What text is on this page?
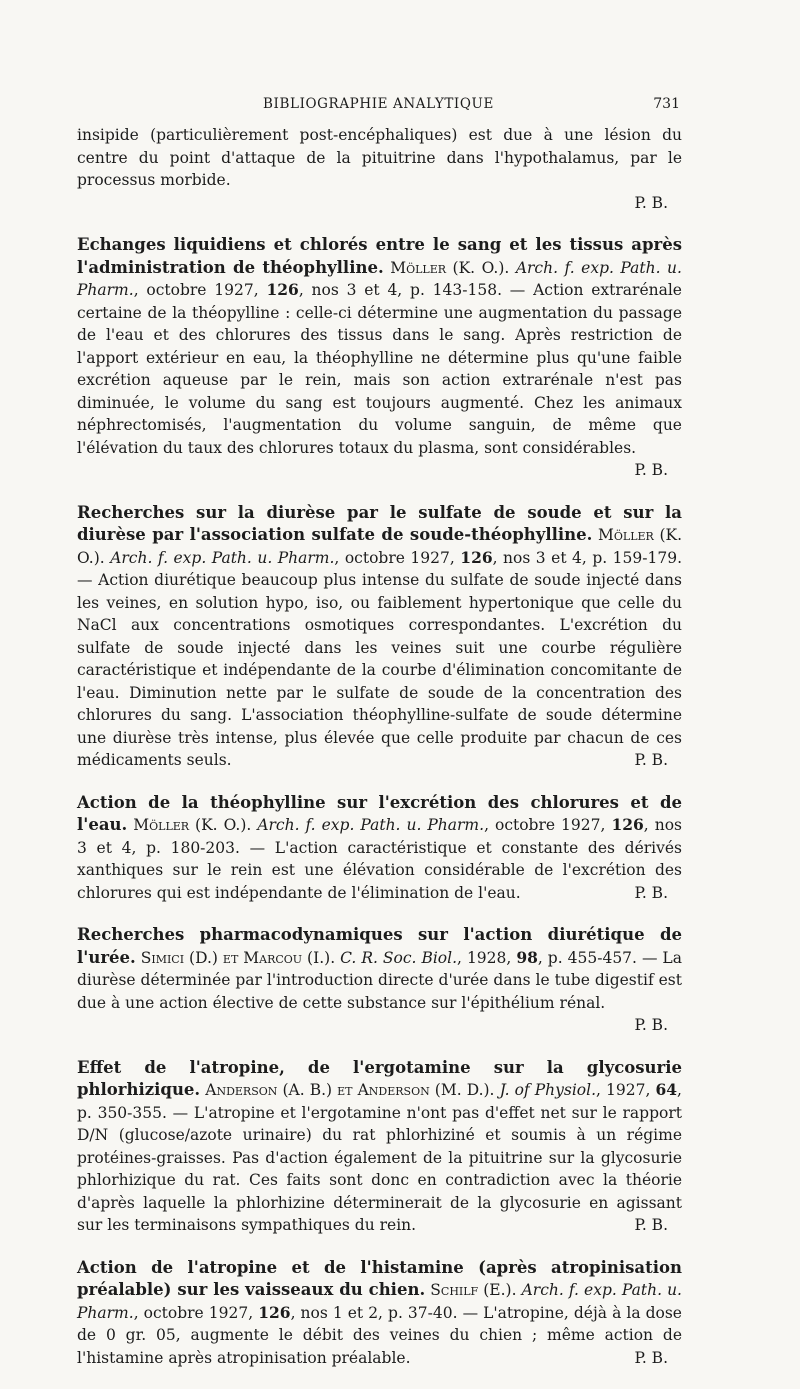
BIBLIOGRAPHIE ANALYTIQUE	731
insipide (particulièrement post-encéphaliques) est due à une lésion du centre du point d'attaque de la pituitrine dans l'hypothalamus, par le processus morbide.
P. B.
Echanges liquidiens et chlorés entre le sang et les tissus après l'administration de théophylline. Möller (K. O.). Arch. f. exp. Path. u. Pharm., octobre 1927, 126, nos 3 et 4, p. 143-158. — Action extrarénale certaine de la théopylline : celle-ci détermine une augmentation du passage de l'eau et des chlorures des tissus dans le sang. Après restriction de l'apport extérieur en eau, la théophylline ne détermine plus qu'une faible excrétion aqueuse par le rein, mais son action extrarénale n'est pas diminuée, le volume du sang est toujours augmenté. Chez les animaux néphrectomisés, l'augmentation du volume sanguin, de même que l'élévation du taux des chlorures totaux du plasma, sont considérables.
P. B.
Recherches sur la diurèse par le sulfate de soude et sur la diurèse par l'association sulfate de soude-théophylline. Möller (K. O.). Arch. f. exp. Path. u. Pharm., octobre 1927, 126, nos 3 et 4, p. 159-179. — Action diurétique beaucoup plus intense du sulfate de soude injecté dans les veines, en solution hypo, iso, ou faiblement hypertonique que celle du NaCl aux concentrations osmotiques correspondantes. L'excrétion du sulfate de soude injecté dans les veines suit une courbe régulière caractéristique et indépendante de la courbe d'élimination concomitante de l'eau. Diminution nette par le sulfate de soude de la concentration des chlorures du sang. L'association théophylline-sulfate de soude détermine une diurèse très intense, plus élevée que celle produite par chacun de ces médicaments seuls.	P. B.
Action de la théophylline sur l'excrétion des chlorures et de l'eau. Möller (K. O.). Arch. f. exp. Path. u. Pharm., octobre 1927, 126, nos 3 et 4, p. 180-203. — L'action caractéristique et constante des dérivés xanthiques sur le rein est une élévation considérable de l'excrétion des chlorures qui est indépendante de l'élimination de l'eau.	P. B.
Recherches pharmacodynamiques sur l'action diurétique de l'urée. Simici (D.) et Marcou (I.). C. R. Soc. Biol., 1928, 98, p. 455-457. — La diurèse déterminée par l'introduction directe d'urée dans le tube digestif est due à une action élective de cette substance sur l'épithélium rénal.
P. B.
Effet de l'atropine, de l'ergotamine sur la glycosurie phlorhizique. Anderson (A. B.) et Anderson (M. D.). J. of Physiol., 1927, 64, p. 350-355. — L'atropine et l'ergotamine n'ont pas d'effet net sur le rapport D/N (glucose/azote urinaire) du rat phlorhiziné et soumis à un régime protéines-graisses. Pas d'action également de la pituitrine sur la glycosurie phlorhizique du rat. Ces faits sont donc en contradiction avec la théorie d'après laquelle la phlorhizine déterminerait de la glycosurie en agissant sur les terminaisons sympathiques du rein.	P. B.
Action de l'atropine et de l'histamine (après atropinisation préalable) sur les vaisseaux du chien. Schilf (E.). Arch. f. exp. Path. u. Pharm., octobre 1927, 126, nos 1 et 2, p. 37-40. — L'atropine, déjà à la dose de 0 gr. 05, augmente le débit des veines du chien ; même action de l'histamine après atropinisation préalable.	P. B.
